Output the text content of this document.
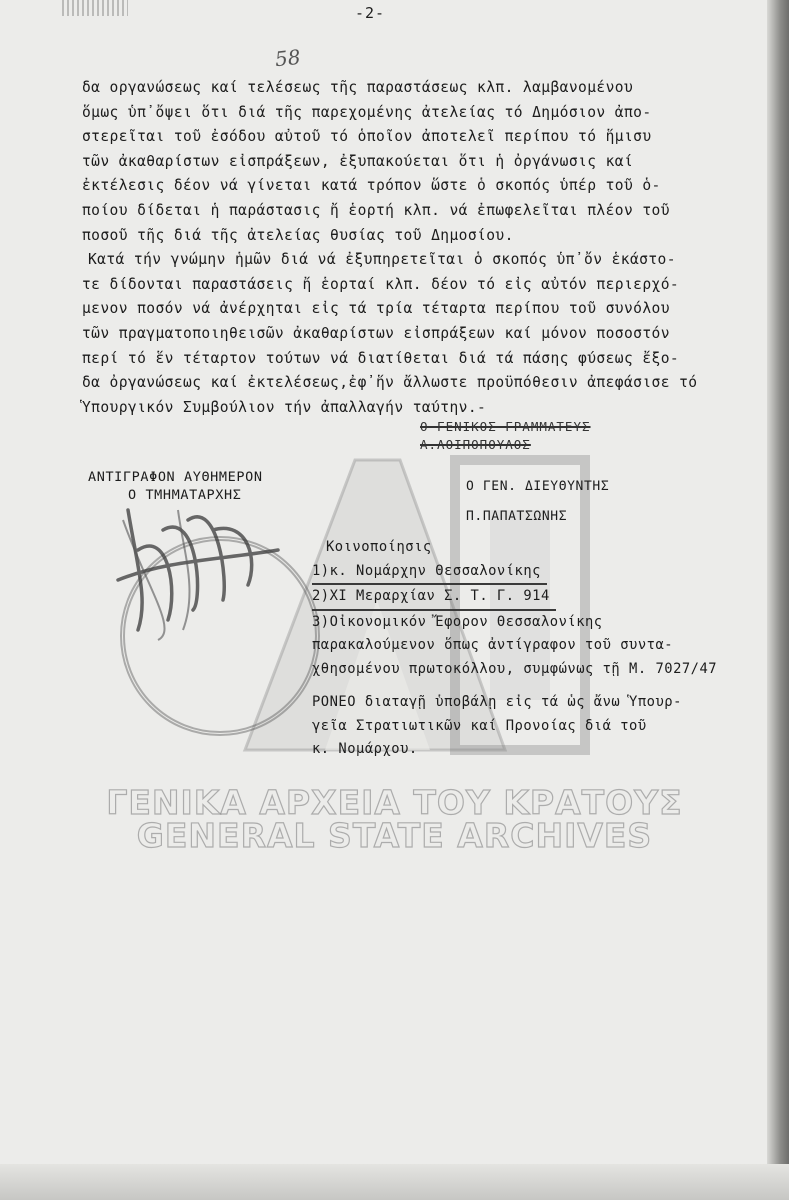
-2-
58
δα οργανώσεως καί τελέσεως τῆς παραστάσεως κλπ. λαμβανομένου
ὅμως ὑπ᾽ὄψει ὅτι διά τῆς παρεχομένης ἀτελείας τό Δημόσιον ἀπο-
στερεῖται τοῦ ἐσόδου αὐτοῦ τό ὁποῖον ἀποτελεῖ περίπου τό ἥμισυ
τῶν ἀκαθαρίστων εἰσπράξεων, ἐξυπακούεται ὅτι ἡ ὀργάνωσις καί
ἐκτέλεσις δέον νά γίνεται κατά τρόπον ὥστε ὁ σκοπός ὑπέρ τοῦ ὁ-
ποίου δίδεται ἡ παράστασις ἤ ἑορτή κλπ. νά ἐπωφελεῖται πλέον τοῦ
ποσοῦ τῆς διά τῆς ἀτελείας θυσίας τοῦ Δημοσίου.
Κατά τήν γνώμην ἡμῶν διά νά ἐξυπηρετεῖται ὁ σκοπός ὑπ᾽ὄν ἑκάστο-
τε δίδονται παραστάσεις ἤ ἑορταί κλπ. δέον τό εἰς αὐτόν περιερχό-
μενον ποσόν νά ἀνέρχηται εἰς τά τρία τέταρτα περίπου τοῦ συνόλου
τῶν πραγματοποιηθεισῶν ἀκαθαρίστων εἰσπράξεων καί μόνον ποσοστόν
περί τό ἕν τέταρτον τούτων νά διατίθεται διά τά πάσης φύσεως ἔξο-
δα ὀργανώσεως καί ἐκτελέσεως,ἐφ᾽ἥν ἄλλωστε προϋπόθεσιν ἀπεφάσισε τό
Ὑπουργικόν Συμβούλιον τήν ἀπαλλαγήν ταύτην.-
Ο ΓΕΝΙΚΟΣ ΓΡΑΜΜΑΤΕΥΣ
Α.ΛΟΙΠΟΠΟΥΛΟΣ
ΑΝΤΙΓΡΑΦΟΝ ΑΥΘΗΜΕΡΟΝ
Ο ΤΜΗΜΑΤΑΡΧΗΣ
Ο ΓΕΝ. ΔΙΕΥΘΥΝΤΗΣ
Π.ΠΑΠΑΤΣΩΝΗΣ
Κοινοποίησις
1)κ. Νομάρχην Θεσσαλονίκης
2)ΧΙ Μεραρχίαν Σ. Τ. Γ. 914
3)Οἰκονομικόν Ἔφορον Θεσσαλονίκης
παρακαλούμενον ὅπως ἀντίγραφον τοῦ συντα-
χθησομένου πρωτοκόλλου, συμφώνως τῇ Μ. 7027/47
ΡΟΝΕΟ διαταγῇ ὑποβάλῃ εἰς τά ὡς ἄνω Ὑπουρ-
γεῖα Στρατιωτικῶν καί Προνοίας διά τοῦ
κ. Νομάρχου.
ΓΕΝΙΚΑ ΑΡΧΕΙΑ ΤΟΥ ΚΡΑΤΟΥΣ
GENERAL STATE ARCHIVES
